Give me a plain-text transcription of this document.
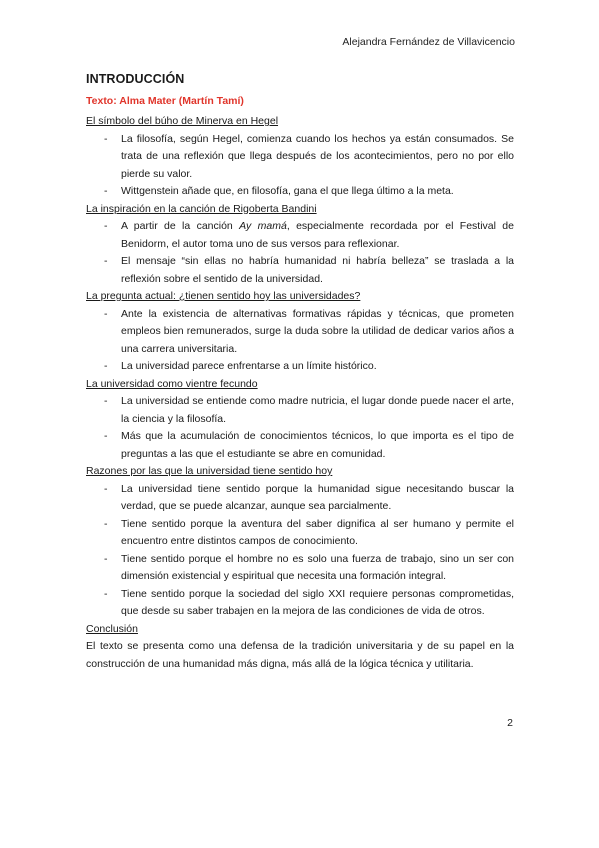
Alejandra Fernández de Villavicencio
INTRODUCCIÓN
Texto: Alma Mater (Martín Tamí)
El símbolo del búho de Minerva en Hegel
- La filosofía, según Hegel, comienza cuando los hechos ya están consumados. Se trata de una reflexión que llega después de los acontecimientos, pero no por ello pierde su valor.
- Wittgenstein añade que, en filosofía, gana el que llega último a la meta.
La inspiración en la canción de Rigoberta Bandini
- A partir de la canción Ay mamá, especialmente recordada por el Festival de Benidorm, el autor toma uno de sus versos para reflexionar.
- El mensaje “sin ellas no habría humanidad ni habría belleza” se traslada a la reflexión sobre el sentido de la universidad.
La pregunta actual: ¿tienen sentido hoy las universidades?
- Ante la existencia de alternativas formativas rápidas y técnicas, que prometen empleos bien remunerados, surge la duda sobre la utilidad de dedicar varios años a una carrera universitaria.
- La universidad parece enfrentarse a un límite histórico.
La universidad como vientre fecundo
- La universidad se entiende como madre nutricia, el lugar donde puede nacer el arte, la ciencia y la filosofía.
- Más que la acumulación de conocimientos técnicos, lo que importa es el tipo de preguntas a las que el estudiante se abre en comunidad.
Razones por las que la universidad tiene sentido hoy
- La universidad tiene sentido porque la humanidad sigue necesitando buscar la verdad, que se puede alcanzar, aunque sea parcialmente.
- Tiene sentido porque la aventura del saber dignifica al ser humano y permite el encuentro entre distintos campos de conocimiento.
- Tiene sentido porque el hombre no es solo una fuerza de trabajo, sino un ser con dimensión existencial y espiritual que necesita una formación integral.
- Tiene sentido porque la sociedad del siglo XXI requiere personas comprometidas, que desde su saber trabajen en la mejora de las condiciones de vida de otros.
Conclusión

El texto se presenta como una defensa de la tradición universitaria y de su papel en la construcción de una humanidad más digna, más allá de la lógica técnica y utilitaria.

2
